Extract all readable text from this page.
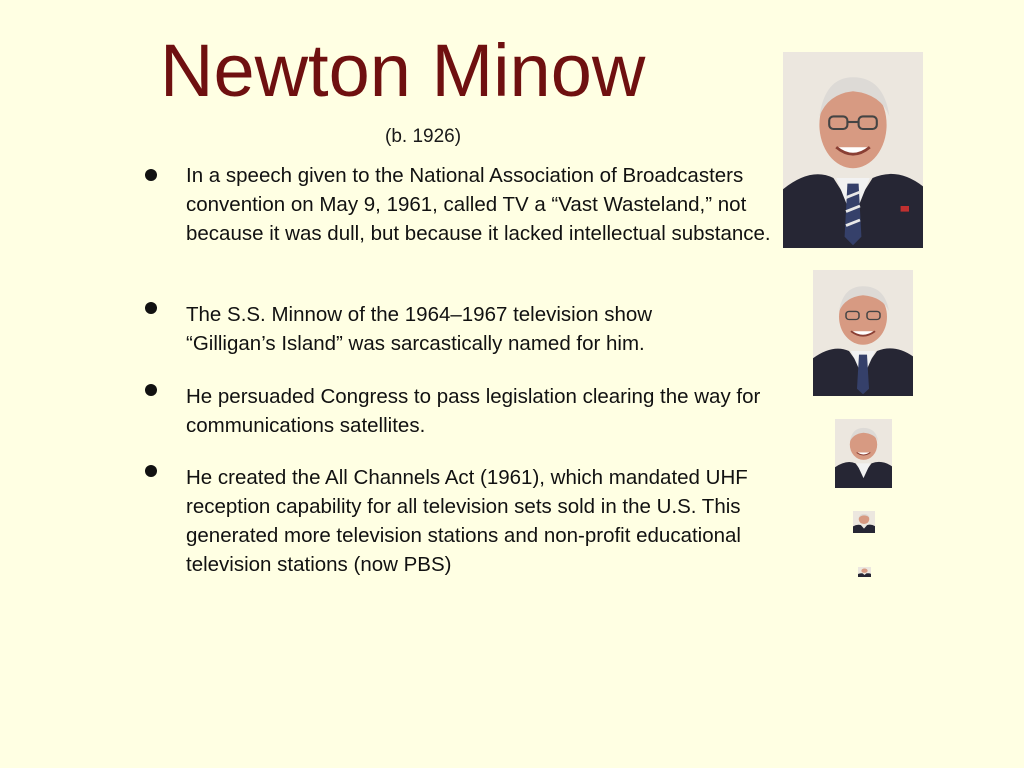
Newton Minow
(b. 1926)
In a speech given to the National Association of Broadcasters convention on May 9, 1961, called TV a “Vast Wasteland,” not because it was dull, but because it lacked intellectual substance.
The S.S. Minnow of the 1964–1967 television show “Gilligan’s Island” was sarcastically named for him.
He persuaded Congress to pass legislation clearing the way for communications satellites.
He created the All Channels Act (1961), which mandated UHF reception capability for all television sets sold in the U.S. This generated more television stations and non-profit educational television stations (now PBS)
